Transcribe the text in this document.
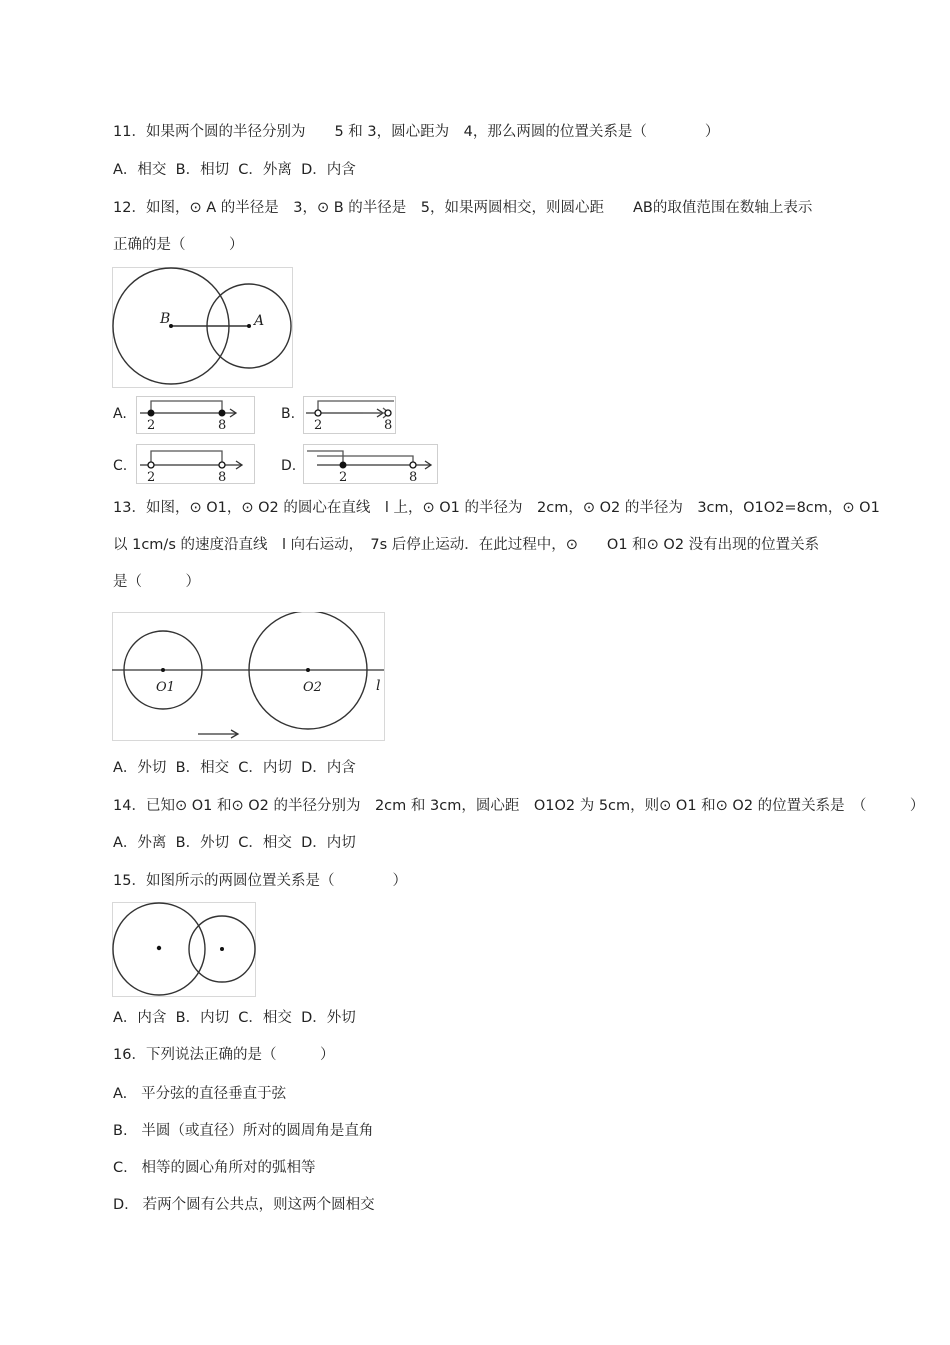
11．如果两个圆的半径分别为　　5 和 3，圆心距为　4，那么两圆的位置关系是（　　　　）
A．相交  B．相切  C．外离  D．内含
12．如图，⊙ A 的半径是　3，⊙ B 的半径是　5，如果两圆相交，则圆心距　　AB的取值范围在数轴上表示
正确的是（　　　）
B	A
A.
2	8
B.
2	8
C.
2	8
D.
2	8
13．如图，⊙ O1，⊙ O2 的圆心在直线　l 上，⊙ O1 的半径为　2cm，⊙ O2 的半径为　3cm，O1O2=8cm，⊙ O1
以 1cm/s 的速度沿直线　l 向右运动，　7s 后停止运动．在此过程中，⊙　　O1 和⊙ O2 没有出现的位置关系
是（　　　）
O1	O2	l
A．外切  B．相交  C．内切  D．内含
14．已知⊙ O1 和⊙ O2 的半径分别为　2cm 和 3cm，圆心距　O1O2 为 5cm，则⊙ O1 和⊙ O2 的位置关系是　（　　　）
A．外离  B．外切  C．相交  D．内切
15．如图所示的两圆位置关系是（　　　　）
A．内含  B．内切  C．相交  D．外切
16．下列说法正确的是（　　　）
A.   平分弦的直径垂直于弦
B.   半圆（或直径）所对的圆周角是直角
C.   相等的圆心角所对的弧相等
D.   若两个圆有公共点，则这两个圆相交
